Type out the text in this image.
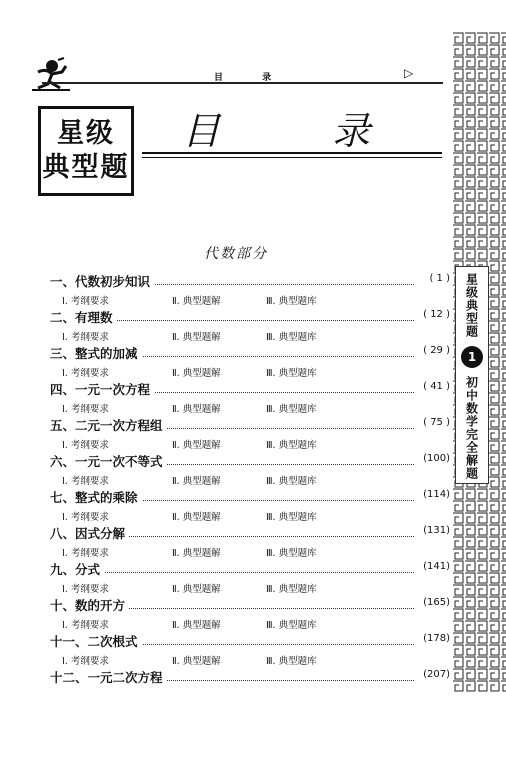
目 录	▷
星级
典型题
目 录
代数部分
一、代数初步知识	( 1 )
Ⅰ. 考纲要求	Ⅱ. 典型题解	Ⅲ. 典型题库
二、有理数	( 12 )
Ⅰ. 考纲要求	Ⅱ. 典型题解	Ⅲ. 典型题库
三、整式的加减	( 29 )
Ⅰ. 考纲要求	Ⅱ. 典型题解	Ⅲ. 典型题库
四、一元一次方程	( 41 )
Ⅰ. 考纲要求	Ⅱ. 典型题解	Ⅲ. 典型题库
五、二元一次方程组	( 75 )
Ⅰ. 考纲要求	Ⅱ. 典型题解	Ⅲ. 典型题库
六、一元一次不等式	(100)
Ⅰ. 考纲要求	Ⅱ. 典型题解	Ⅲ. 典型题库
七、整式的乘除	(114)
Ⅰ. 考纲要求	Ⅱ. 典型题解	Ⅲ. 典型题库
八、因式分解	(131)
Ⅰ. 考纲要求	Ⅱ. 典型题解	Ⅲ. 典型题库
九、分式	(141)
Ⅰ. 考纲要求	Ⅱ. 典型题解	Ⅲ. 典型题库
十、数的开方	(165)
Ⅰ. 考纲要求	Ⅱ. 典型题解	Ⅲ. 典型题库
十一、二次根式	(178)
Ⅰ. 考纲要求	Ⅱ. 典型题解	Ⅲ. 典型题库
十二、一元二次方程	(207)
星级典型题
1
初中数学完全解题
